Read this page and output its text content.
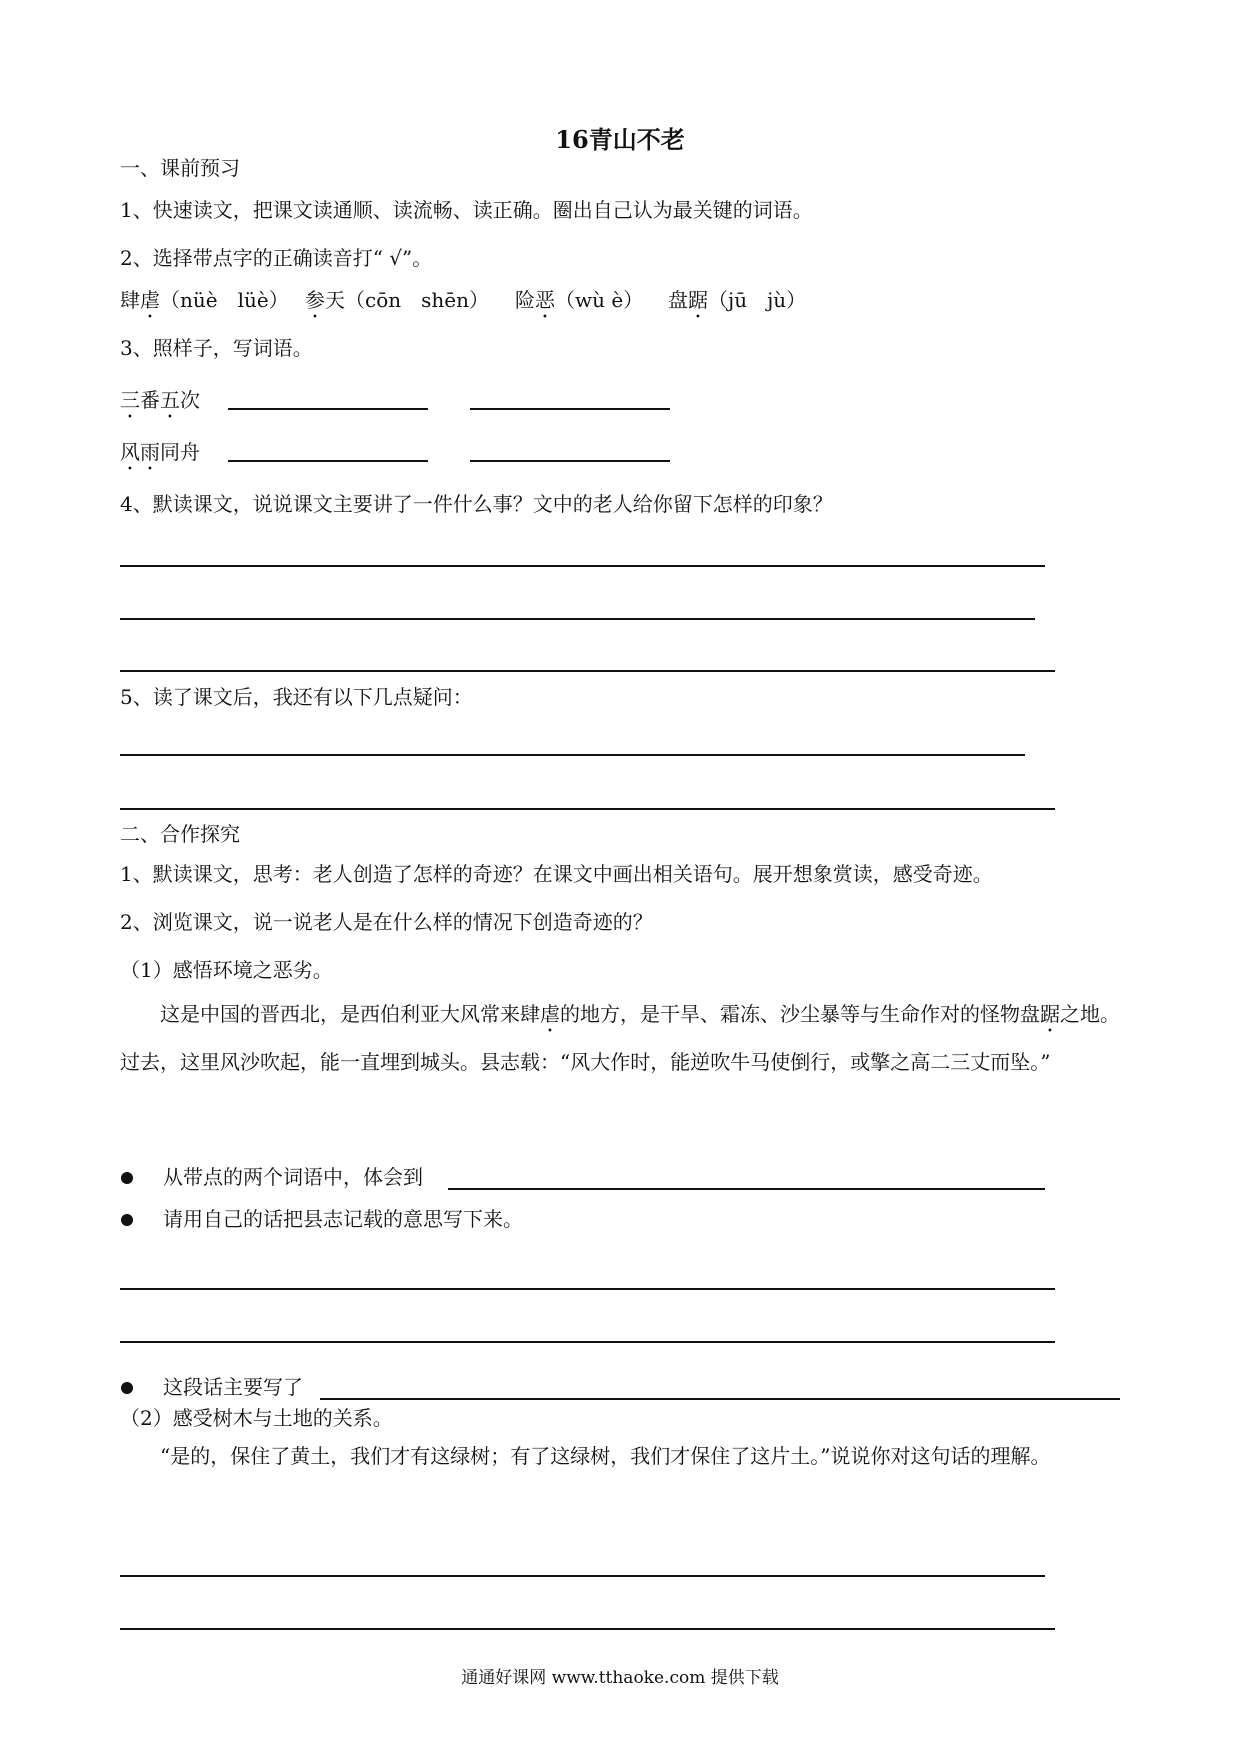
16青山不老
一、课前预习
1、快速读文，把课文读通顺、读流畅、读正确。圈出自己认为最关键的词语。
2、选择带点字的正确读音打“ √”。
肆虐（nüè　lüè） 参天（cōn　shēn） 险恶（wù è） 盘踞（jū　jù）
3、照样子，写词语。
三番五次
风雨同舟
4、默读课文，说说课文主要讲了一件什么事？文中的老人给你留下怎样的印象？
5、读了课文后，我还有以下几点疑问：
二、合作探究
1、默读课文，思考：老人创造了怎样的奇迹？在课文中画出相关语句。展开想象赏读，感受奇迹。
2、浏览课文，说一说老人是在什么样的情况下创造奇迹的？
（1）感悟环境之恶劣。
这是中国的晋西北，是西伯利亚大风常来肆虐的地方，是干旱、霜冻、沙尘暴等与生命作对的怪物盘踞之地。过去，这里风沙吹起，能一直埋到城头。县志载：“风大作时，能逆吹牛马使倒行，或擎之高二三丈而坠。”
从带点的两个词语中，体会到
请用自己的话把县志记载的意思写下来。
这段话主要写了
（2）感受树木与土地的关系。
“是的，保住了黄土，我们才有这绿树；有了这绿树，我们才保住了这片土。”说说你对这句话的理解。
通通好课网 www.tthaoke.com 提供下载
